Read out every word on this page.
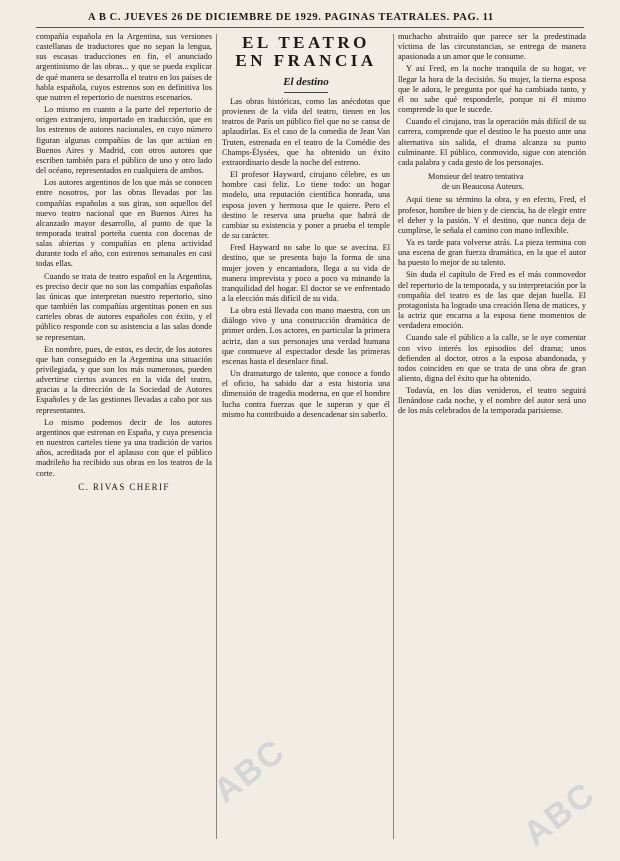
A B C. JUEVES 26 DE DICIEMBRE DE 1929. PAGINAS TEATRALES. PAG. 11

compañía española en la Argentina, sus versiones castellanas de traductores que no sepan la lengua, sus escasas traducciones en fin, el anunciado argentinismo de las obras... y que se pueda explicar de qué manera se desarrolla el teatro en los países de habla española, cuyos estrenos son en definitiva los que nutren el repertorio de nuestros escenarios.

Lo mismo en cuanto a la parte del repertorio de origen extranjero, importado en traducción, que en los estrenos de autores nacionales, en cuyo número figuran algunas compañías de las que actúan en Buenos Aires y Madrid, con otros autores que escriben también para el público de uno y otro lado del océano, representados en cualquiera de ambos.

Los autores argentinos de los que más se conocen entre nosotros, por las obras llevadas por las compañías españolas a sus giras, son aquellos del nuevo teatro nacional que en Buenos Aires ha alcanzado mayor desarrollo, al punto de que la temporada teatral porteña cuenta con docenas de salas abiertas y compañías en plena actividad durante todo el año, con estrenos semanales en casi todas ellas.

Cuando se trata de teatro español en la Argentina, es preciso decir que no son las compañías españolas las únicas que interpretan nuestro repertorio, sino que también las compañías argentinas ponen en sus carteles obras de autores españoles con éxito, y el público responde con su asistencia a las salas donde se representan.

En nombre, pues, de estos, es decir, de los autores que han conseguido en la Argentina una situación privilegiada, y que son los más numerosos, pueden advertirse ciertos avances en la vida del teatro, gracias a la dirección de la Sociedad de Autores Españoles y de las gestiones llevadas a cabo por sus representantes.

Lo mismo podemos decir de los autores argentinos que estrenan en España, y cuya presencia en nuestros carteles tiene ya una tradición de varios años, acreditada por el aplauso con que el público madrileño ha recibido sus obras en los teatros de la corte.

C. RIVAS CHERIF
EL TEATRO
EN FRANCIA
El destino

Las obras históricas, como las anécdotas que provienen de la vida del teatro, tienen en los teatros de París un público fiel que no se cansa de aplaudirlas. Es el caso de la comedia de Jean Van Truten, estrenada en el teatro de la Comédie des Champs-Élysées, que ha obtenido un éxito extraordinario desde la noche del estreno.

El profesor Hayward, cirujano célebre, es un hombre casi feliz. Lo tiene todo: un hogar modelo, una reputación científica honrada, una esposa joven y hermosa que le quiere. Pero el destino le reserva una prueba que habrá de cambiar su existencia y poner a prueba el temple de su carácter.

Fred Hayward no sabe lo que se avecina. El destino, que se presenta bajo la forma de una mujer joven y encantadora, llega a su vida de manera imprevista y poco a poco va minando la tranquilidad del hogar. El doctor se ve enfrentado a la elección más difícil de su vida.

La obra está llevada con mano maestra, con un diálogo vivo y una construcción dramática de primer orden. Los actores, en particular la primera actriz, dan a sus personajes una verdad humana que conmueve al espectador desde las primeras escenas hasta el desenlace final.

Un dramaturgo de talento, que conoce a fondo el oficio, ha sabido dar a esta historia una dimensión de tragedia moderna, en que el hombre lucha contra fuerzas que le superan y que él mismo ha contribuido a desencadenar sin saberlo.

muchacho abstraído que parece ser la predestinada víctima de las circunstancias, se entrega de manera apasionada a un amor que le consume.

Y así Fred, en la noche tranquila de su hogar, ve llegar la hora de la decisión. Su mujer, la tierna esposa que le adora, le pregunta por qué ha cambiado tanto, y él no sabe qué responderle, porque ni él mismo comprende lo que le sucede.

Cuando el cirujano, tras la operación más difícil de su carrera, comprende que el destino le ha puesto ante una alternativa sin salida, el drama alcanza su punto culminante. El público, conmovido, sigue con atención cada palabra y cada gesto de los personajes.

Monsieur del teatro tentativa
de un Beaucosa Auteurs.

Aquí tiene su término la obra, y en efecto, Fred, el profesor, hombre de bien y de ciencia, ha de elegir entre el deber y la pasión. Y el destino, que nunca deja de cumplirse, le señala el camino con mano inflexible.

Ya es tarde para volverse atrás. La pieza termina con una escena de gran fuerza dramática, en la que el autor ha puesto lo mejor de su talento.

Sin duda el capítulo de Fred es el más conmovedor del repertorio de la temporada, y su interpretación por la compañía del teatro es de las que dejan huella. El protagonista ha logrado una creación llena de matices, y la actriz que encarna a la esposa tiene momentos de verdadera emoción.

Cuando sale el público a la calle, se le oye comentar con vivo interés los episodios del drama; unos defienden al doctor, otros a la esposa abandonada, y todos coinciden en que se trata de una obra de gran aliento, digna del éxito que ha obtenido.

Todavía, en los días venideros, el teatro seguirá llenándose cada noche, y el nombre del autor será uno de los más celebrados de la temporada parisiense.

ABC
ABC
